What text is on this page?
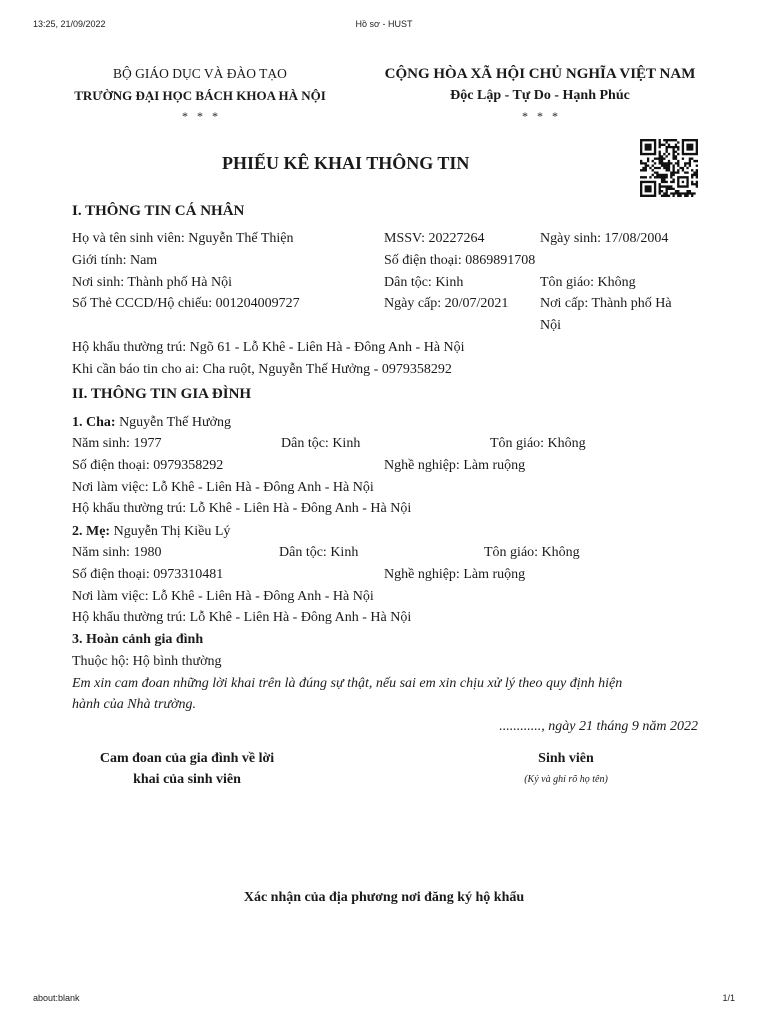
13:25, 21/09/2022	Hồ sơ - HUST
about:blank	1/1
BỘ GIÁO DỤC VÀ ĐÀO TẠO
TRƯỜNG ĐẠI HỌC BÁCH KHOA HÀ NỘI
* * *
CỘNG HÒA XÃ HỘI CHỦ NGHĨA VIỆT NAM
Độc Lập - Tự Do - Hạnh Phúc
* * *
PHIẾU KÊ KHAI THÔNG TIN
I. THÔNG TIN CÁ NHÂN
Họ và tên sinh viên: Nguyễn Thế Thiện	MSSV: 20227264	Ngày sinh: 17/08/2004
Giới tính: Nam	Số điện thoại: 0869891708
Nơi sinh: Thành phố Hà Nội	Dân tộc: Kinh	Tôn giáo: Không
Số Thẻ CCCD/Hộ chiếu: 001204009727	Ngày cấp: 20/07/2021 Nơi cấp: Thành phố Hà
Nội
Hộ khẩu thường trú: Ngõ 61 - Lỗ Khê - Liên Hà - Đông Anh - Hà Nội
Khi cần báo tin cho ai: Cha ruột, Nguyễn Thế Hưởng - 0979358292
II. THÔNG TIN GIA ĐÌNH
1. Cha: Nguyễn Thế Hưởng
Năm sinh: 1977	Dân tộc: Kinh	Tôn giáo: Không
Số điện thoại: 0979358292	Nghề nghiệp: Làm ruộng
Nơi làm việc: Lỗ Khê - Liên Hà - Đông Anh - Hà Nội
Hộ khẩu thường trú: Lỗ Khê - Liên Hà - Đông Anh - Hà Nội
2. Mẹ: Nguyễn Thị Kiều Lý
Năm sinh: 1980	Dân tộc: Kinh	Tôn giáo: Không
Số điện thoại: 0973310481	Nghề nghiệp: Làm ruộng
Nơi làm việc: Lỗ Khê - Liên Hà - Đông Anh - Hà Nội
Hộ khẩu thường trú: Lỗ Khê - Liên Hà - Đông Anh - Hà Nội
3. Hoàn cảnh gia đình
Thuộc hộ: Hộ bình thường
Em xin cam đoan những lời khai trên là đúng sự thật, nếu sai em xin chịu xử lý theo quy định hiện
hành của Nhà trường.
............, ngày 21 tháng 9 năm 2022
Cam đoan của gia đình về lời
khai của sinh viên
Sinh viên
(Ký và ghi rõ họ tên)
Xác nhận của địa phương nơi đăng ký hộ khẩu
